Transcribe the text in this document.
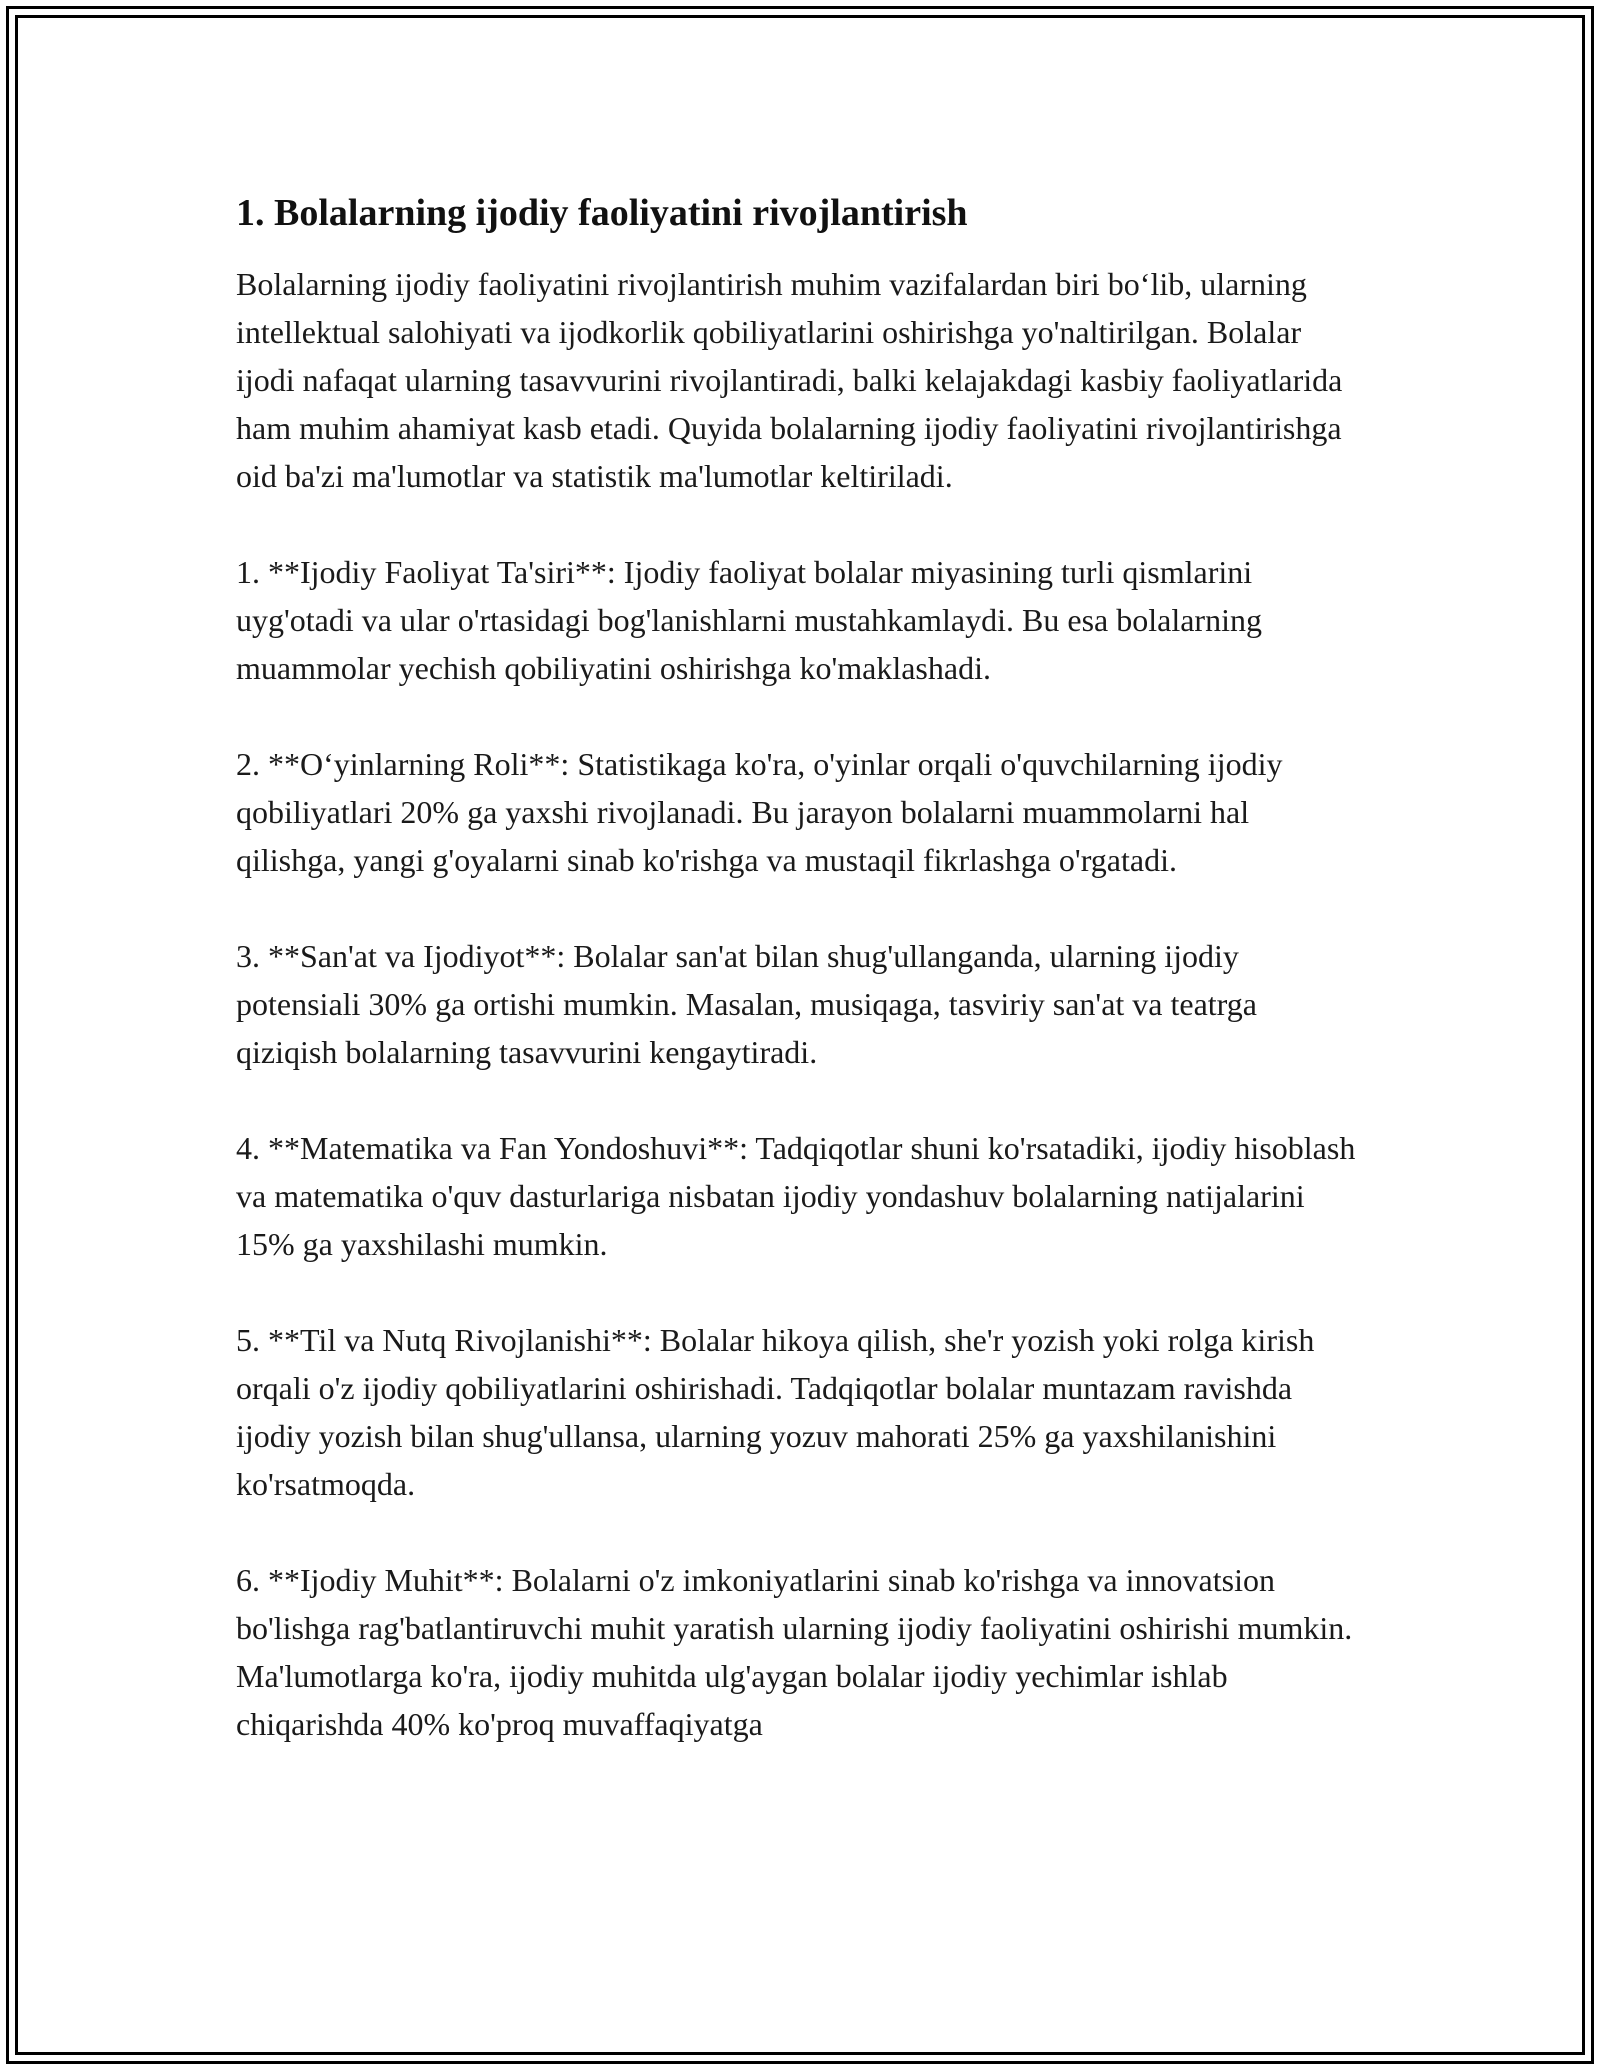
1. Bolalarning ijodiy faoliyatini rivojlantirish

Bolalarning ijodiy faoliyatini rivojlantirish muhim vazifalardan biri bo‘lib, ularning intellektual salohiyati va ijodkorlik qobiliyatlarini oshirishga yo'naltirilgan. Bolalar ijodi nafaqat ularning tasavvurini rivojlantiradi, balki kelajakdagi kasbiy faoliyatlarida ham muhim ahamiyat kasb etadi. Quyida bolalarning ijodiy faoliyatini rivojlantirishga oid ba'zi ma'lumotlar va statistik ma'lumotlar keltiriladi.

1. **Ijodiy Faoliyat Ta'siri**: Ijodiy faoliyat bolalar miyasining turli qismlarini uyg'otadi va ular o'rtasidagi bog'lanishlarni mustahkamlaydi. Bu esa bolalarning muammolar yechish qobiliyatini oshirishga ko'maklashadi.

2. **O‘yinlarning Roli**: Statistikaga ko'ra, o'yinlar orqali o'quvchilarning ijodiy qobiliyatlari 20% ga yaxshi rivojlanadi. Bu jarayon bolalarni muammolarni hal qilishga, yangi g'oyalarni sinab ko'rishga va mustaqil fikrlashga o'rgatadi.

3. **San'at va Ijodiyot**: Bolalar san'at bilan shug'ullanganda, ularning ijodiy potensiali 30% ga ortishi mumkin. Masalan, musiqaga, tasviriy san'at va teatrga qiziqish bolalarning tasavvurini kengaytiradi.

4. **Matematika va Fan Yondoshuvi**: Tadqiqotlar shuni ko'rsatadiki, ijodiy hisoblash va matematika o'quv dasturlariga nisbatan ijodiy yondashuv bolalarning natijalarini 15% ga yaxshilashi mumkin.

5. **Til va Nutq Rivojlanishi**: Bolalar hikoya qilish, she'r yozish yoki rolga kirish orqali o'z ijodiy qobiliyatlarini oshirishadi. Tadqiqotlar bolalar muntazam ravishda ijodiy yozish bilan shug'ullansa, ularning yozuv mahorati 25% ga yaxshilanishini ko'rsatmoqda.

6. **Ijodiy Muhit**: Bolalarni o'z imkoniyatlarini sinab ko'rishga va innovatsion bo'lishga rag'batlantiruvchi muhit yaratish ularning ijodiy faoliyatini oshirishi mumkin. Ma'lumotlarga ko'ra, ijodiy muhitda ulg'aygan bolalar ijodiy yechimlar ishlab chiqarishda 40% ko'proq muvaffaqiyatga
